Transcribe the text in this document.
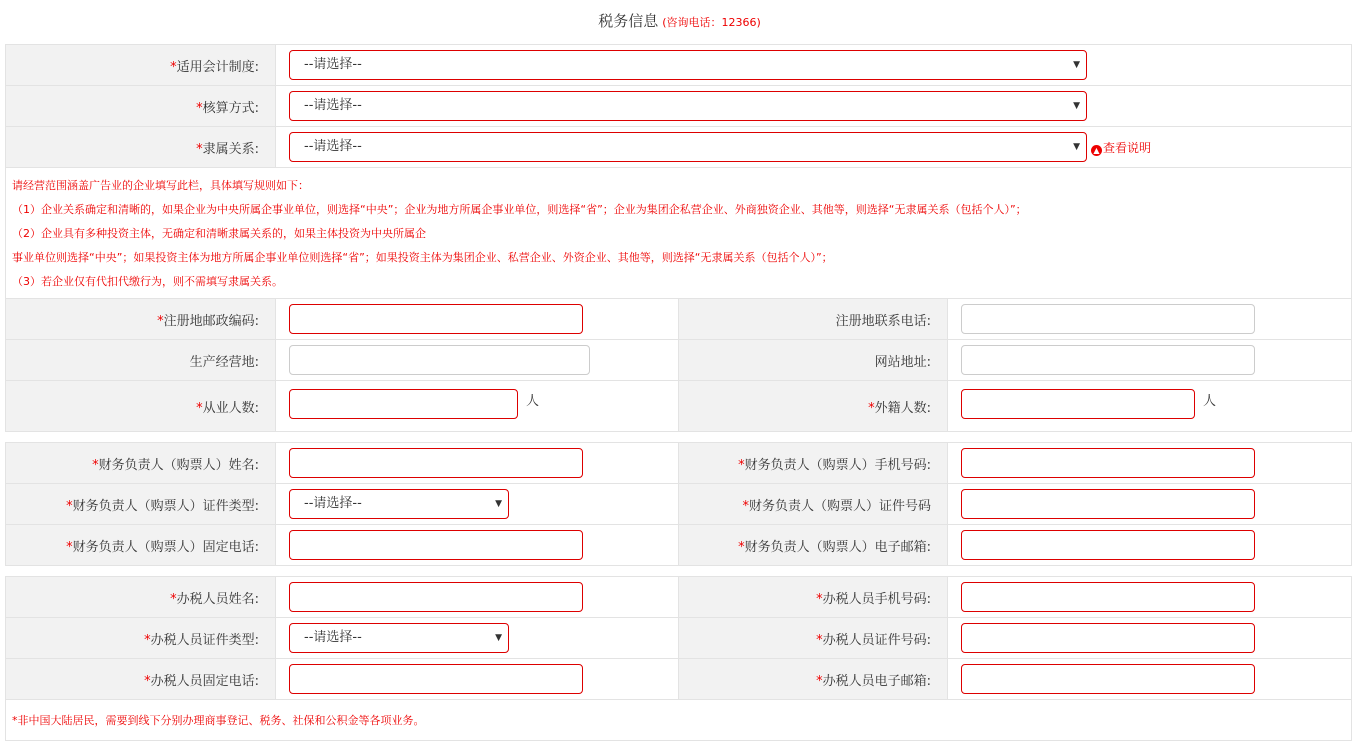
税务信息 (咨询电话：12366)
*适用会计制度:	--请选择-- ▼

*核算方式:	--请选择-- ▼

*隶属关系:	--请选择-- ▼ ▲ 查看说明

请经营范围涵盖广告业的企业填写此栏，具体填写规则如下：
（1）企业关系确定和清晰的，如果企业为中央所属企事业单位，则选择“中央”；企业为地方所属企事业单位，则选择“省”；企业为集团企私营企业、外商独资企业、其他等，则选择“无隶属关系（包括个人）”；
（2）企业具有多种投资主体，无确定和清晰隶属关系的，如果主体投资为中央所属企
事业单位则选择“中央”；如果投资主体为地方所属企事业单位则选择“省”；如果投资主体为集团企业、私营企业、外资企业、其他等，则选择“无隶属关系（包括个人）”；
（3）若企业仅有代扣代缴行为，则不需填写隶属关系。	
*注册地邮政编码:		注册地联系电话:	

生产经营地:		网站地址:	

*从业人数:	人	*外籍人数:	人
*财务负责人（购票人）姓名:		*财务负责人（购票人）手机号码:	

*财务负责人（购票人）证件类型:	--请选择-- ▼	*财务负责人（购票人）证件号码	

*财务负责人（购票人）固定电话:		*财务负责人（购票人）电子邮箱:	
*办税人员姓名:		*办税人员手机号码:	

*办税人员证件类型:	--请选择-- ▼	*办税人员证件号码:	

*办税人员固定电话:		*办税人员电子邮箱:	

*非中国大陆居民，需要到线下分别办理商事登记、税务、社保和公积金等各项业务。			
